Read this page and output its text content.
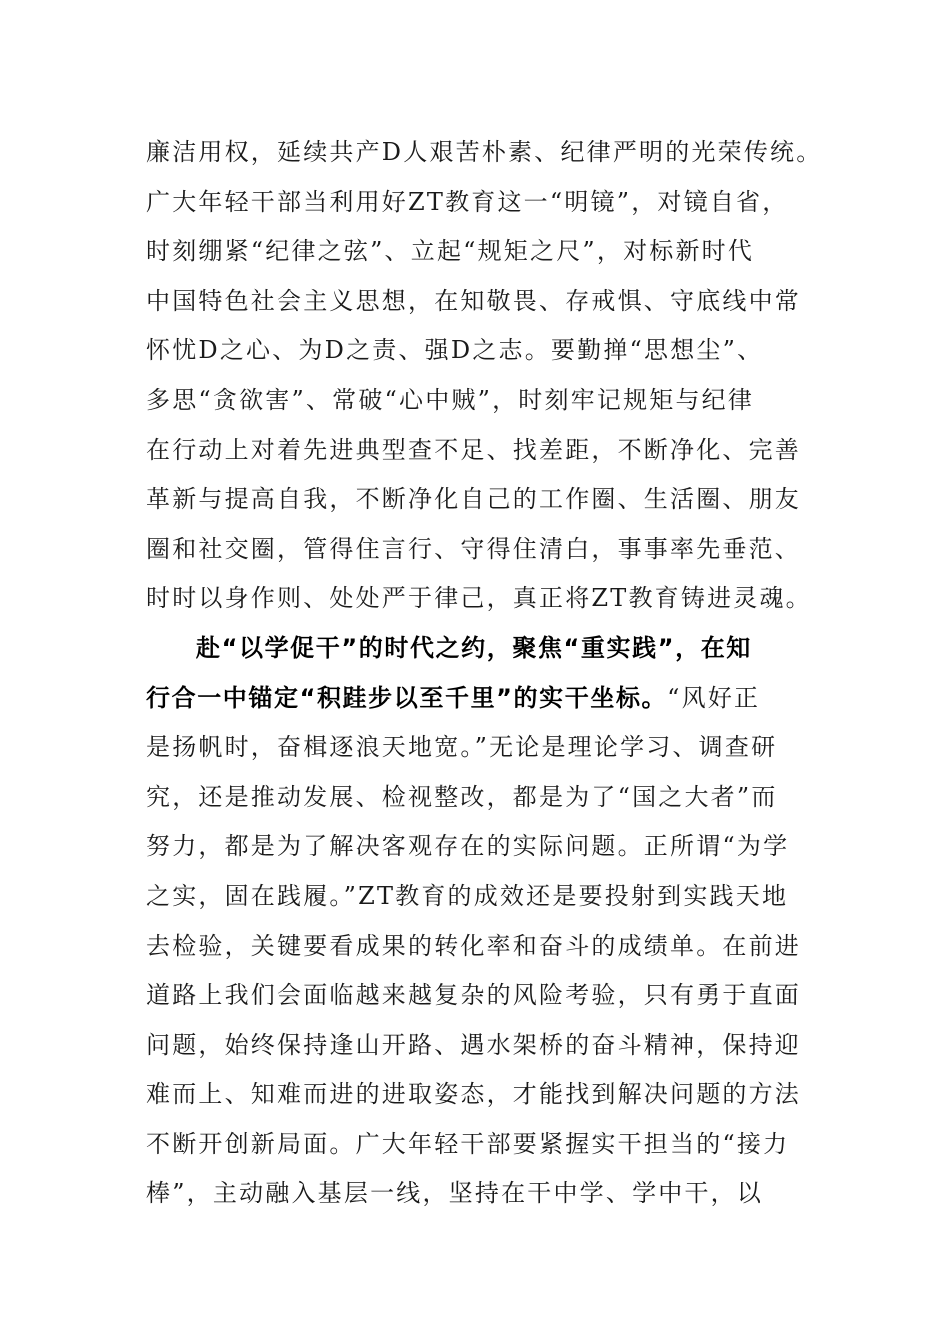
廉洁用权，延续共产D人艰苦朴素、纪律严明的光荣传统。
广大年轻干部当利用好ZT教育这一“明镜”，对镜自省，
时刻绷紧“纪律之弦”、立起“规矩之尺”，对标新时代
中国特色社会主义思想，在知敬畏、存戒惧、守底线中常
怀忧D之心、为D之责、强D之志。要勤掸“思想尘”、
多思“贪欲害”、常破“心中贼”，时刻牢记规矩与纪律
在行动上对着先进典型查不足、找差距，不断净化、完善
革新与提高自我，不断净化自己的工作圈、生活圈、朋友
圈和社交圈，管得住言行、守得住清白，事事率先垂范、
时时以身作则、处处严于律己，真正将ZT教育铸进灵魂。
赴“以学促干”的时代之约，聚焦“重实践”，在知
行合一中锚定“积跬步以至千里”的实干坐标。“风好正
是扬帆时，奋楫逐浪天地宽。”无论是理论学习、调查研
究，还是推动发展、检视整改，都是为了“国之大者”而
努力，都是为了解决客观存在的实际问题。正所谓“为学
之实，固在践履。”ZT教育的成效还是要投射到实践天地
去检验，关键要看成果的转化率和奋斗的成绩单。在前进
道路上我们会面临越来越复杂的风险考验，只有勇于直面
问题，始终保持逢山开路、遇水架桥的奋斗精神，保持迎
难而上、知难而进的进取姿态，才能找到解决问题的方法
不断开创新局面。广大年轻干部要紧握实干担当的“接力
棒”，主动融入基层一线，坚持在干中学、学中干，以
